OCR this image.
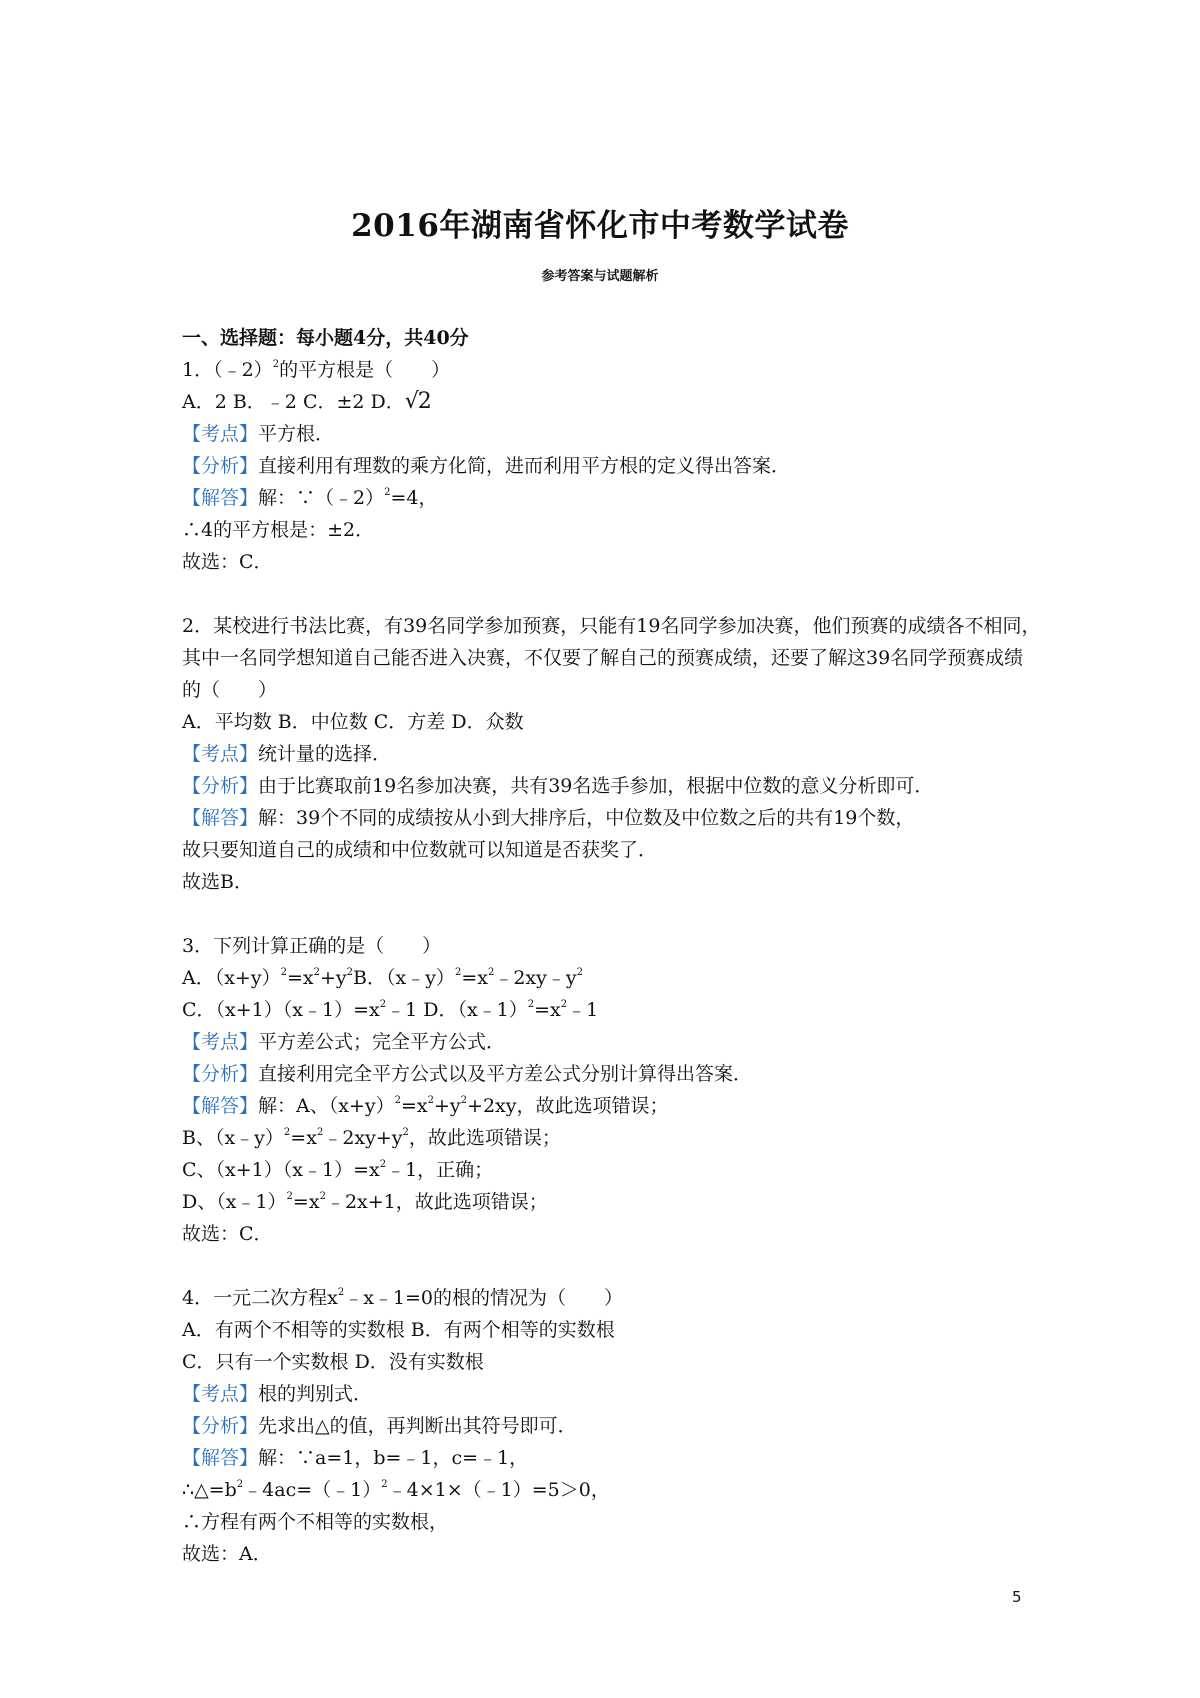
2016年湖南省怀化市中考数学试卷
参考答案与试题解析
一、选择题：每小题4分，共40分
1．（﹣2）$^2$的平方根是（　　）
A．2 B．﹣2 C．±2 D．√2
【考点】平方根．
【分析】直接利用有理数的乘方化简，进而利用平方根的定义得出答案．
【解答】解：∵（﹣2）$^2$=4，
∴4的平方根是：±2．
故选：C．
2．某校进行书法比赛，有39名同学参加预赛，只能有19名同学参加决赛，他们预赛的成绩各不相同，其中一名同学想知道自己能否进入决赛，不仅要了解自己的预赛成绩，还要了解这39名同学预赛成绩的（　　）
A．平均数 B．中位数 C．方差 D．众数
【考点】统计量的选择．
【分析】由于比赛取前19名参加决赛，共有39名选手参加，根据中位数的意义分析即可．
【解答】解：39个不同的成绩按从小到大排序后，中位数及中位数之后的共有19个数，
故只要知道自己的成绩和中位数就可以知道是否获奖了．
故选B．
3．下列计算正确的是（　　）
A．$(x+y)^2=x^2+y^2B$．$(x﹣y)^2=x^2﹣2xy﹣y^2$
C．$(x+1)(x﹣1)=x^2﹣1$ D．$(x﹣1)^2=x^2﹣1$
【考点】平方差公式；完全平方公式．
【分析】直接利用完全平方公式以及平方差公式分别计算得出答案．
【解答】解：A、$(x+y)^2=x^2+y^2+2xy$，故此选项错误；
B、$(x﹣y)^2=x^2﹣2xy+y^2$，故此选项错误；
C、$(x+1)(x﹣1)=x^2﹣1$，正确；
D、$(x﹣1)^2=x^2﹣2x+1$，故此选项错误；
故选：C．
4．一元二次方程$x^2﹣x﹣1=0$的根的情况为（　　）
A．有两个不相等的实数根 B．有两个相等的实数根
C．只有一个实数根 D．没有实数根
【考点】根的判别式．
【分析】先求出△的值，再判断出其符号即可．
【解答】解：∵a=1，b=﹣1，c=﹣1，
$\therefore\triangle=b^2﹣4ac=(﹣1)^2﹣4\times 1\times(﹣1)=5>0$，
∴方程有两个不相等的实数根，
故选：A．
5
